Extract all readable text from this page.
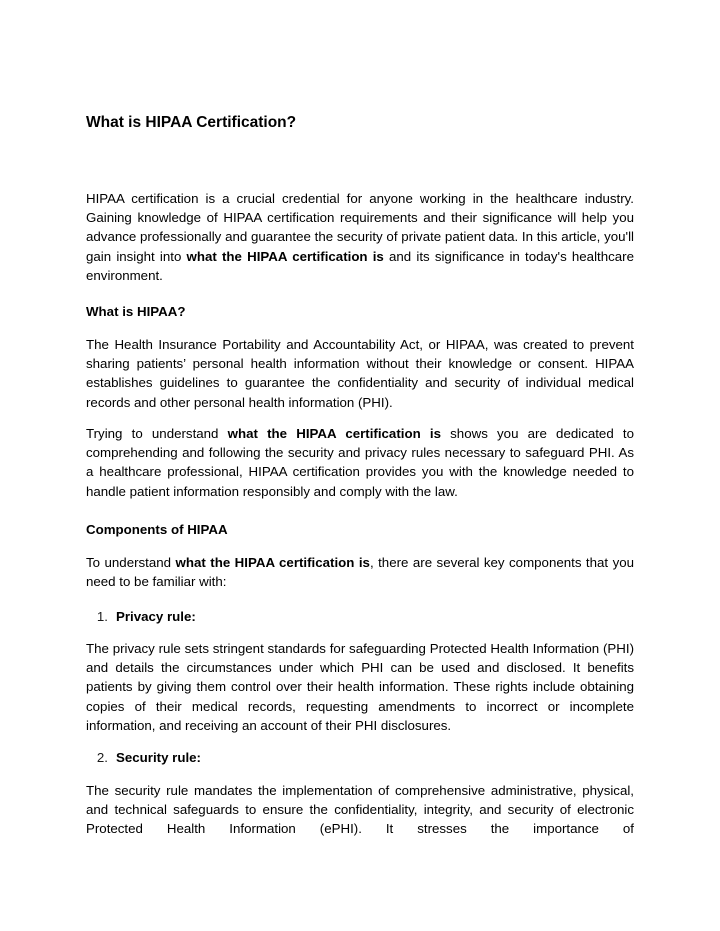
What is HIPAA Certification?

HIPAA certification is a crucial credential for anyone working in the healthcare industry. Gaining knowledge of HIPAA certification requirements and their significance will help you advance professionally and guarantee the security of private patient data. In this article, you'll gain insight into what the HIPAA certification is and its significance in today's healthcare environment.

What is HIPAA?

The Health Insurance Portability and Accountability Act, or HIPAA, was created to prevent sharing patients’ personal health information without their knowledge or consent. HIPAA establishes guidelines to guarantee the confidentiality and security of individual medical records and other personal health information (PHI).

Trying to understand what the HIPAA certification is shows you are dedicated to comprehending and following the security and privacy rules necessary to safeguard PHI. As a healthcare professional, HIPAA certification provides you with the knowledge needed to handle patient information responsibly and comply with the law.

Components of HIPAA

To understand what the HIPAA certification is, there are several key components that you need to be familiar with:

1. Privacy rule:

The privacy rule sets stringent standards for safeguarding Protected Health Information (PHI) and details the circumstances under which PHI can be used and disclosed. It benefits patients by giving them control over their health information. These rights include obtaining copies of their medical records, requesting amendments to incorrect or incomplete information, and receiving an account of their PHI disclosures.

2. Security rule:

The security rule mandates the implementation of comprehensive administrative, physical, and technical safeguards to ensure the confidentiality, integrity, and security of electronic Protected Health Information (ePHI). It stresses the importance of
